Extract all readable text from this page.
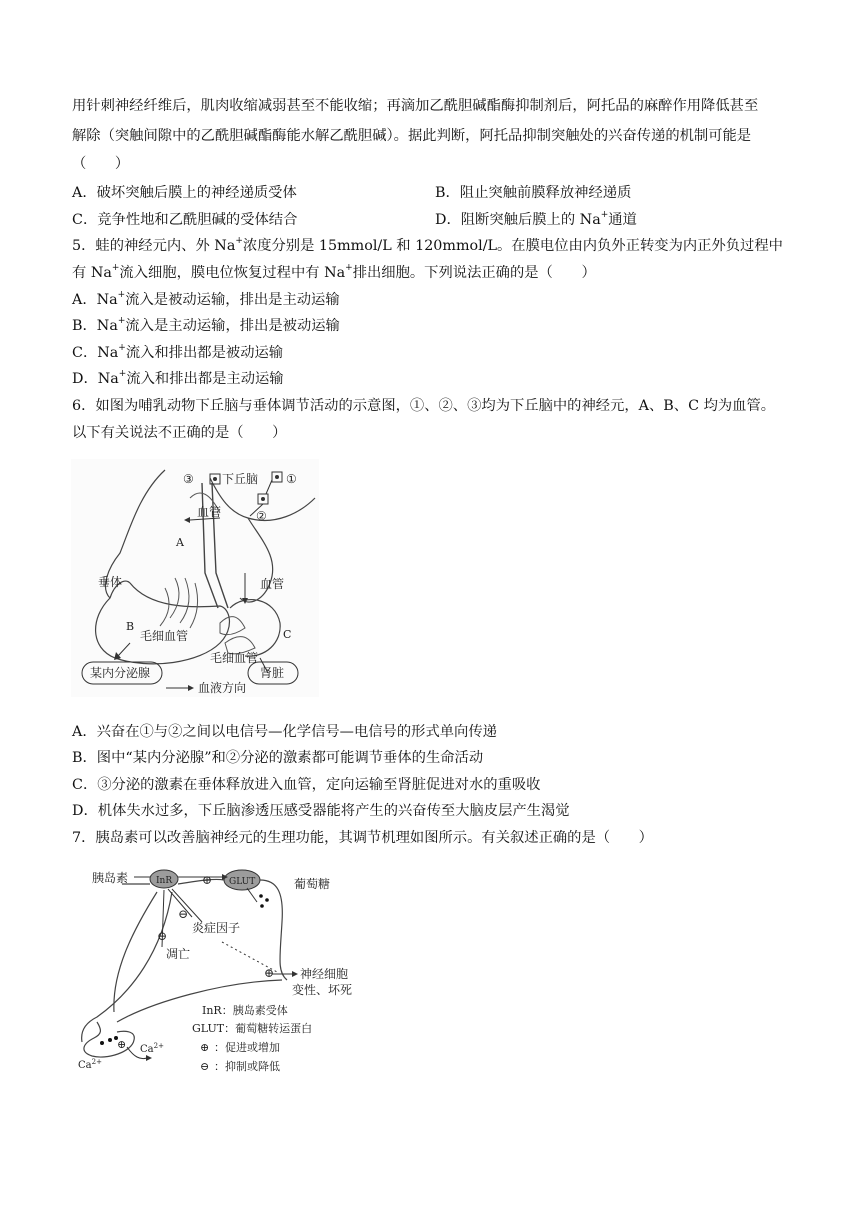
用针刺神经纤维后，肌肉收缩减弱甚至不能收缩；再滴加乙酰胆碱酯酶抑制剂后，阿托品的麻醉作用降低甚至
解除（突触间隙中的乙酰胆碱酯酶能水解乙酰胆碱）。据此判断，阿托品抑制突触处的兴奋传递的机制可能是
（　　）
A．破坏突触后膜上的神经递质受体	B．阻止突触前膜释放神经递质
C．竞争性地和乙酰胆碱的受体结合	D．阻断突触后膜上的 Na+通道
5．蛙的神经元内、外 Na+浓度分别是 15mmol/L 和 120mmol/L。在膜电位由内负外正转变为内正外负过程中
有 Na+流入细胞，膜电位恢复过程中有 Na+排出细胞。下列说法正确的是（　　）
A．Na+流入是被动运输，排出是主动运输
B．Na+流入是主动运输，排出是被动运输
C．Na+流入和排出都是被动运输
D．Na+流入和排出都是主动运输
6．如图为哺乳动物下丘脑与垂体调节活动的示意图，①、②、③均为下丘脑中的神经元，A、B、C 均为血管。
以下有关说法不正确的是（　　）
③ 下丘脑 ①
血管	②
A
垂体	血管
B
毛细血管	C
毛细血管
某内分泌腺	肾脏
血液方向
A．兴奋在①与②之间以电信号—化学信号—电信号的形式单向传递
B．图中“某内分泌腺”和②分泌的激素都可能调节垂体的生命活动
C．③分泌的激素在垂体释放进入血管，定向运输至肾脏促进对水的重吸收
D．机体失水过多，下丘脑渗透压感受器能将产生的兴奋传至大脑皮层产生渴觉
7．胰岛素可以改善脑神经元的生理功能，其调节机理如图所示。有关叙述正确的是（　　）
⊕
⊖
⊖
⊕
⊕
胰岛素	InR	GLUT	葡萄糖
炎症因子
凋亡
神经细胞
变性、坏死
InR：胰岛素受体
GLUT：葡萄糖转运蛋白
⊕ ：促进或增加
⊖ ：抑制或降低
$Ca^{2+}$
$Ca^{2+}$
